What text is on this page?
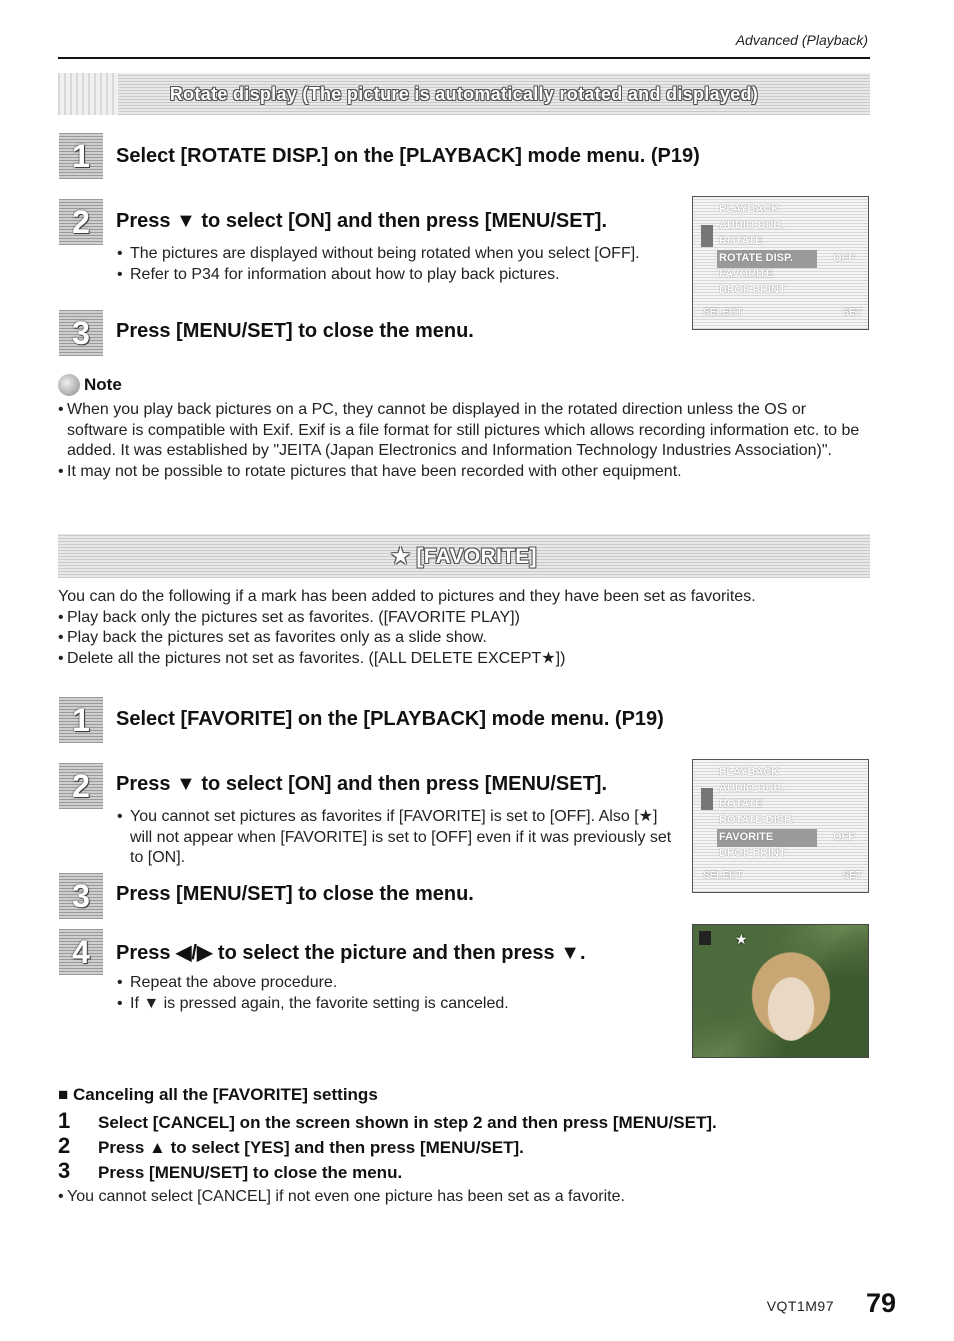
Advanced (Playback)
Rotate display (The picture is automatically rotated and displayed)
1	Select [ROTATE DISP.] on the [PLAYBACK] mode menu. (P19)
2	Press ▼ to select [ON] and then press [MENU/SET].
• The pictures are displayed without being rotated when you select [OFF].
• Refer to P34 for information about how to play back pictures.
3	Press [MENU/SET] to close the menu.
PLAYBACK
AUDIO DUB.
ROTATE
ROTATE DISP.	OFF
FAVORITE
DPOF PRINT
SELECT	SET
Note
• When you play back pictures on a PC, they cannot be displayed in the rotated direction unless the OS or software is compatible with Exif. Exif is a file format for still pictures which allows recording information etc. to be added. It was established by "JEITA (Japan Electronics and Information Technology Industries Association)".
• It may not be possible to rotate pictures that have been recorded with other equipment.
★ [FAVORITE]
You can do the following if a mark has been added to pictures and they have been set as favorites.
• Play back only the pictures set as favorites. ([FAVORITE PLAY])
• Play back the pictures set as favorites only as a slide show.
• Delete all the pictures not set as favorites. ([ALL DELETE EXCEPT★])
1	Select [FAVORITE] on the [PLAYBACK] mode menu. (P19)
2	Press ▼ to select [ON] and then press [MENU/SET].
• You cannot set pictures as favorites if [FAVORITE] is set to [OFF]. Also [★] will not appear when [FAVORITE] is set to [OFF] even if it was previously set to [ON].
3	Press [MENU/SET] to close the menu.
4	Press ◀/▶ to select the picture and then press ▼.
• Repeat the above procedure.
• If ▼ is pressed again, the favorite setting is canceled.
PLAYBACK
AUDIO DUB.
ROTATE
ROTATE DISP.
FAVORITE	OFF
DPOF PRINT
SELECT	SET
★
■ Canceling all the [FAVORITE] settings
1 Select [CANCEL] on the screen shown in step 2 and then press [MENU/SET].
2 Press ▲ to select [YES] and then press [MENU/SET].
3 Press [MENU/SET] to close the menu.
• You cannot select [CANCEL] if not even one picture has been set as a favorite.
VQT1M97 79
